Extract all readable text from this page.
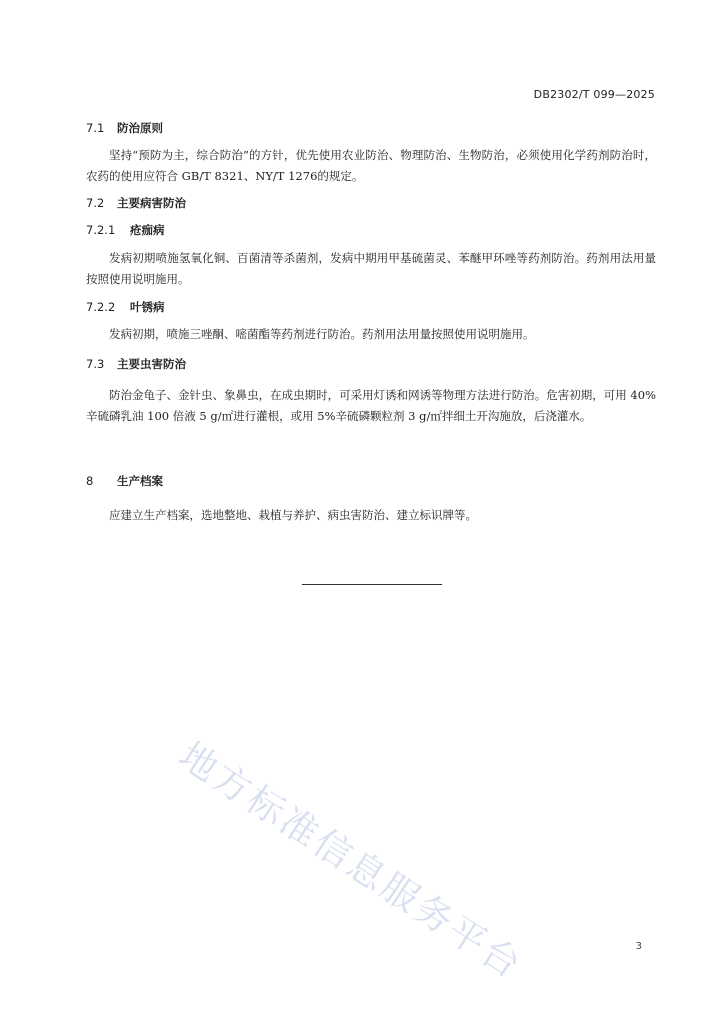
DB2302/T 099—2025
7.1 防治原则
坚持“预防为主，综合防治”的方针，优先使用农业防治、物理防治、生物防治，必须使用化学药剂防治时，农药的使用应符合 GB/T 8321、NY/T 1276的规定。
7.2 主要病害防治
7.2.1 疮痂病
发病初期喷施氢氧化铜、百菌清等杀菌剂，发病中期用甲基硫菌灵、苯醚甲环唑等药剂防治。药剂用法用量按照使用说明施用。
7.2.2 叶锈病
发病初期，喷施三唑酮、嘧菌酯等药剂进行防治。药剂用法用量按照使用说明施用。
7.3 主要虫害防治
防治金龟子、金针虫、象鼻虫，在成虫期时，可采用灯诱和网诱等物理方法进行防治。危害初期，可用 40%辛硫磷乳油 100 倍液 5 g/㎡进行灌根，或用 5%辛硫磷颗粒剂 3 g/㎡拌细土开沟施放，后浇灌水。
8 生产档案
应建立生产档案，选地整地、栽植与养护、病虫害防治、建立标识牌等。
地方标准信息服务平台	3
